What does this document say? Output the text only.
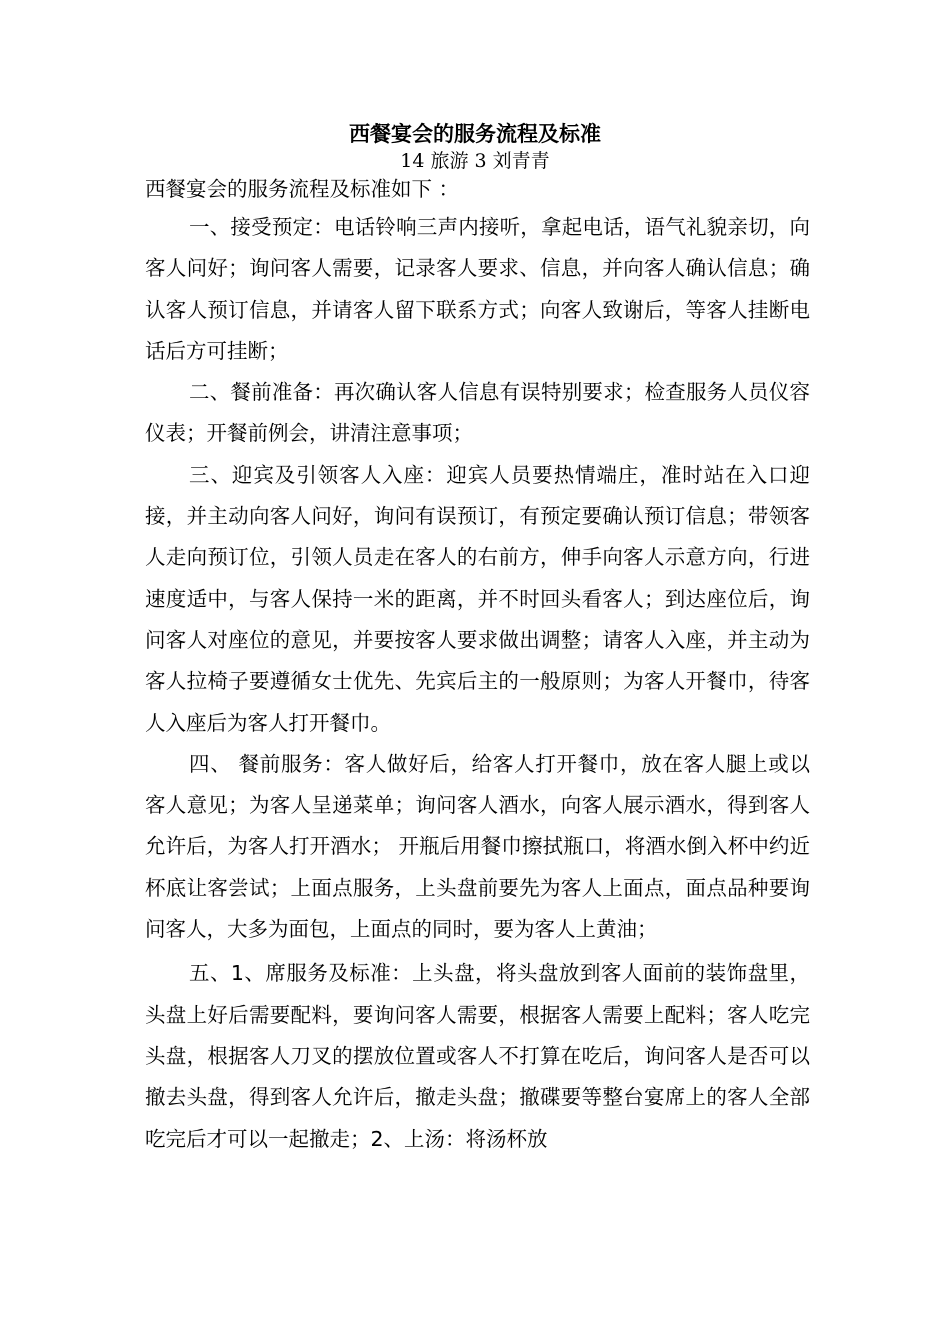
西餐宴会的服务流程及标准
14 旅游 3 刘青青

西餐宴会的服务流程及标准如下 ：

一、接受预定：电话铃响三声内接听，拿起电话，语气礼貌亲切，向客人问好；询问客人需要，记录客人要求、信息，并向客人确认信息；确认客人预订信息，并请客人留下联系方式；向客人致谢后，等客人挂断电话后方可挂断；

二、餐前准备：再次确认客人信息有误特别要求；检查服务人员仪容仪表；开餐前例会，讲清注意事项；

三、迎宾及引领客人入座：迎宾人员要热情端庄，准时站在入口迎接，并主动向客人问好，询问有误预订，有预定要确认预订信息；带领客人走向预订位，引领人员走在客人的右前方，伸手向客人示意方向，行进速度适中，与客人保持一米的距离，并不时回头看客人；到达座位后，询问客人对座位的意见，并要按客人要求做出调整；请客人入座，并主动为客人拉椅子要遵循女士优先、先宾后主的一般原则；为客人开餐巾，待客人入座后为客人打开餐巾。

四、 餐前服务：客人做好后，给客人打开餐巾，放在客人腿上或以客人意见；为客人呈递菜单；询问客人酒水，向客人展示酒水，得到客人允许后，为客人打开酒水； 开瓶后用餐巾擦拭瓶口，将酒水倒入杯中约近杯底让客尝试；上面点服务，上头盘前要先为客人上面点，面点品种要询问客人，大多为面包，上面点的同时，要为客人上黄油；

五、1、席服务及标准：上头盘，将头盘放到客人面前的装饰盘里，头盘上好后需要配料，要询问客人需要，根据客人需要上配料；客人吃完头盘，根据客人刀叉的摆放位置或客人不打算在吃后，询问客人是否可以撤去头盘，得到客人允许后，撤走头盘；撤碟要等整台宴席上的客人全部吃完后才可以一起撤走；2、上汤：将汤杯放
